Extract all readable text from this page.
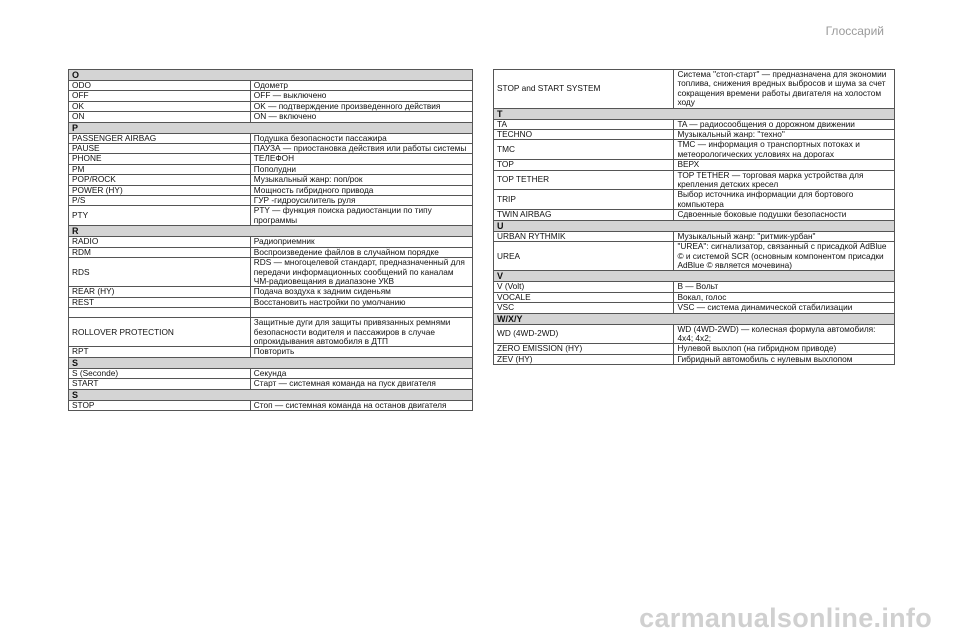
Глоссарий
O	
ODO	Одометр
OFF	OFF — выключено
OK	OK — подтверждение произведенного действия
ON	ON — включено
P	
PASSENGER AIRBAG	Подушка безопасности пассажира
PAUSE	ПАУЗА — приостановка действия или работы системы
PHONE	ТЕЛЕФОН
PM	Пополудни
POP/ROCK	Музыкальный жанр: поп/рок
POWER (HY)	Мощность гибридного привода
P/S	ГУР -гидроусилитель руля
PTY	PTY — функция поиска радиостанции по типу программы
R	
RADIO	Радиоприемник
RDM	Воспроизведение файлов в случайном порядке
RDS	RDS — многоцелевой стандарт, предназначенный для передачи информационных сообщений по каналам ЧМ-радиовещания в диапазоне УКВ
REAR (HY)	Подача воздуха к задним сиденьям
REST	Восстановить настройки по умолчанию

ROLLOVER PROTECTION	Защитные дуги для защиты привязанных ремнями безопасности водителя и пассажиров в случае опрокидывания автомобиля в ДТП
RPT	Повторить
S	
S (Seconde)	Секунда
START	Старт — системная команда на пуск двигателя
S	
STOP	Стоп — системная команда на останов двигателя
STOP and START SYSTEM	Система "стоп-старт" — предназначена для экономии топлива, снижения вредных выбросов и шума за счет сокращения времени работы двигателя на холостом ходу
T	
TA	TA — радиосообщения о дорожном движении
TECHNO	Музыкальный жанр: "техно"
TMC	TMC — информация о транспортных потоках и метеорологических условиях на дорогах
TOP	ВЕРХ
TOP TETHER	TOP TETHER — торговая марка устройства для крепления детских кресел
TRIP	Выбор источника информации для бортового компьютера
TWIN AIRBAG	Сдвоенные боковые подушки безопасности
U	
URBAN RYTHMIK	Музыкальный жанр: "ритмик-урбан"
UREA	"UREA": сигнализатор, связанный с присадкой AdBlue © и системой SCR (основным компонентом присадки AdBlue © является мочевина)
V	
V (Volt)	В — Вольт
VOCALE	Вокал, голос
VSC	VSC — система динамической стабилизации
W/X/Y	
WD (4WD-2WD)	WD (4WD-2WD) — колесная формула автомобиля: 4x4; 4x2;
ZERO EMISSION (HY)	Нулевой выхлоп (на гибридном приводе)
ZEV (HY)	Гибридный автомобиль с нулевым выхлопом
carmanualsonline.info
